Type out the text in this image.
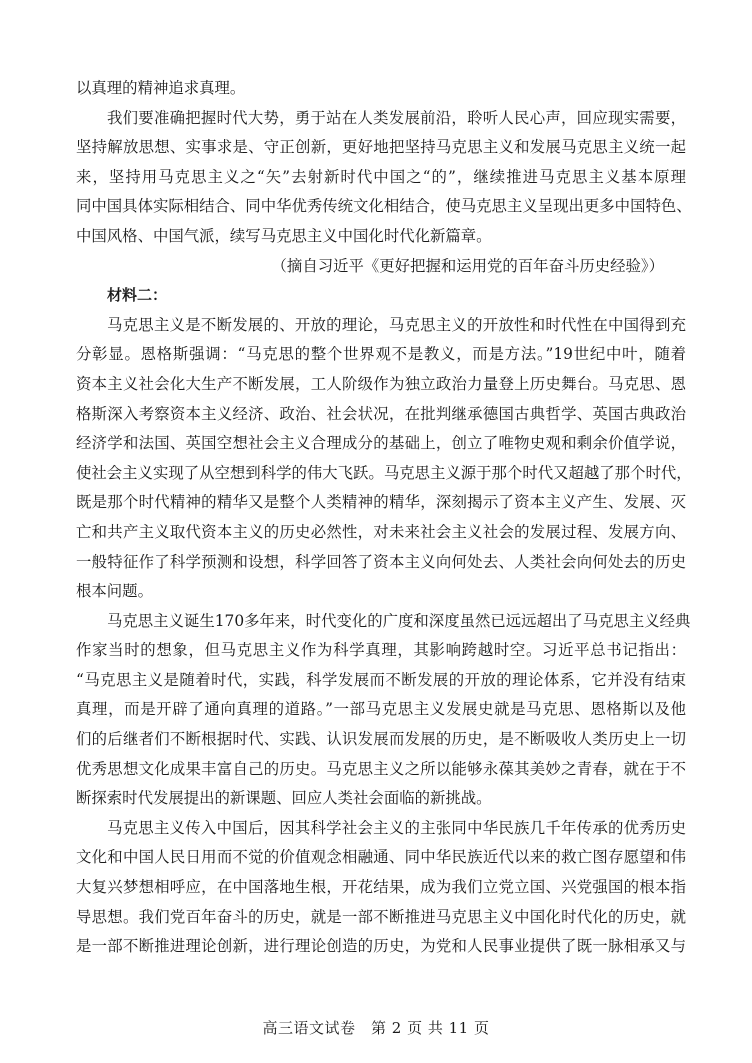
以真理的精神追求真理。
我们要准确把握时代大势，勇于站在人类发展前沿，聆听人民心声，回应现实需要，
坚持解放思想、实事求是、守正创新，更好地把坚持马克思主义和发展马克思主义统一起
来，坚持用马克思主义之“矢”去射新时代中国之“的”，继续推进马克思主义基本原理
同中国具体实际相结合、同中华优秀传统文化相结合，使马克思主义呈现出更多中国特色、
中国风格、中国气派，续写马克思主义中国化时代化新篇章。
（摘自习近平《更好把握和运用党的百年奋斗历史经验》）
材料二：
马克思主义是不断发展的、开放的理论，马克思主义的开放性和时代性在中国得到充
分彰显。恩格斯强调：“马克思的整个世界观不是教义，而是方法。”19世纪中叶，随着
资本主义社会化大生产不断发展，工人阶级作为独立政治力量登上历史舞台。马克思、恩
格斯深入考察资本主义经济、政治、社会状况，在批判继承德国古典哲学、英国古典政治
经济学和法国、英国空想社会主义合理成分的基础上，创立了唯物史观和剩余价值学说，
使社会主义实现了从空想到科学的伟大飞跃。马克思主义源于那个时代又超越了那个时代，
既是那个时代精神的精华又是整个人类精神的精华，深刻揭示了资本主义产生、发展、灭
亡和共产主义取代资本主义的历史必然性，对未来社会主义社会的发展过程、发展方向、
一般特征作了科学预测和设想，科学回答了资本主义向何处去、人类社会向何处去的历史
根本问题。
马克思主义诞生170多年来，时代变化的广度和深度虽然已远远超出了马克思主义经典
作家当时的想象，但马克思主义作为科学真理，其影响跨越时空。习近平总书记指出：
“马克思主义是随着时代，实践，科学发展而不断发展的开放的理论体系，它并没有结束
真理，而是开辟了通向真理的道路。”一部马克思主义发展史就是马克思、恩格斯以及他
们的后继者们不断根据时代、实践、认识发展而发展的历史，是不断吸收人类历史上一切
优秀思想文化成果丰富自己的历史。马克思主义之所以能够永葆其美妙之青春，就在于不
断探索时代发展提出的新课题、回应人类社会面临的新挑战。
马克思主义传入中国后，因其科学社会主义的主张同中华民族几千年传承的优秀历史
文化和中国人民日用而不觉的价值观念相融通、同中华民族近代以来的救亡图存愿望和伟
大复兴梦想相呼应，在中国落地生根，开花结果，成为我们立党立国、兴党强国的根本指
导思想。我们党百年奋斗的历史，就是一部不断推进马克思主义中国化时代化的历史，就
是一部不断推进理论创新，进行理论创造的历史，为党和人民事业提供了既一脉相承又与
高三语文试卷　第 2 页 共 11 页
